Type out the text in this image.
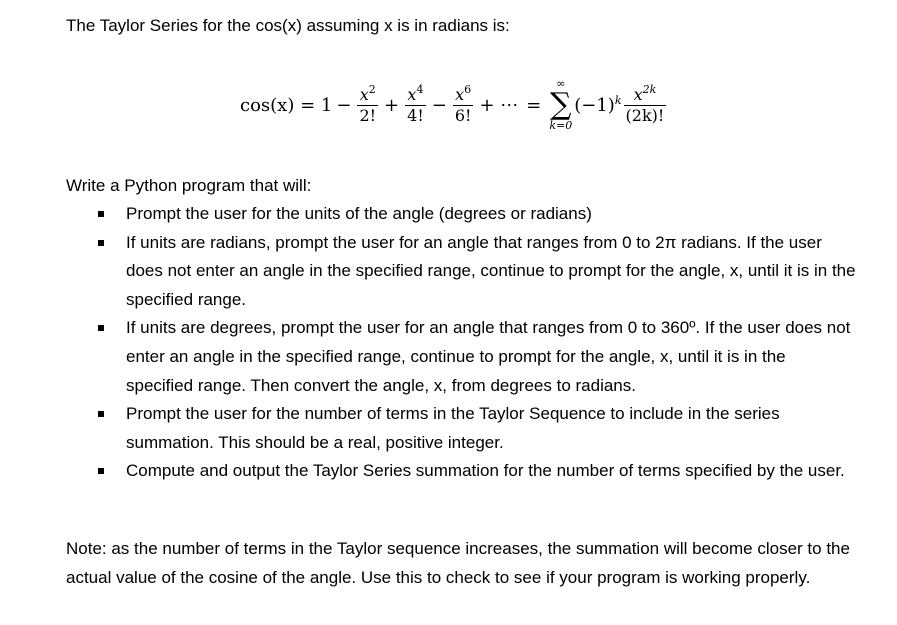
The Taylor Series for the cos(x) assuming x is in radians is:
$\cos(x) = 1 - \frac{x^2}{2!} + \frac{x^4}{4!} - \frac{x^6}{6!}$ + ⋯ =
∞
∑
k=0
$(-1)^k \frac{x^{2k}}{(2k)!}$
Write a Python program that will:
Prompt the user for the units of the angle (degrees or radians)
If units are radians, prompt the user for an angle that ranges from 0 to 2π radians. If the user does not enter an angle in the specified range, continue to prompt for the angle, x, until it is in the specified range.
If units are degrees, prompt the user for an angle that ranges from 0 to 360º. If the user does not enter an angle in the specified range, continue to prompt for the angle, x, until it is in the specified range. Then convert the angle, x, from degrees to radians.
Prompt the user for the number of terms in the Taylor Sequence to include in the series summation. This should be a real, positive integer.
Compute and output the Taylor Series summation for the number of terms specified by the user.

Note: as the number of terms in the Taylor sequence increases, the summation will become closer to the actual value of the cosine of the angle. Use this to check to see if your program is working properly.
